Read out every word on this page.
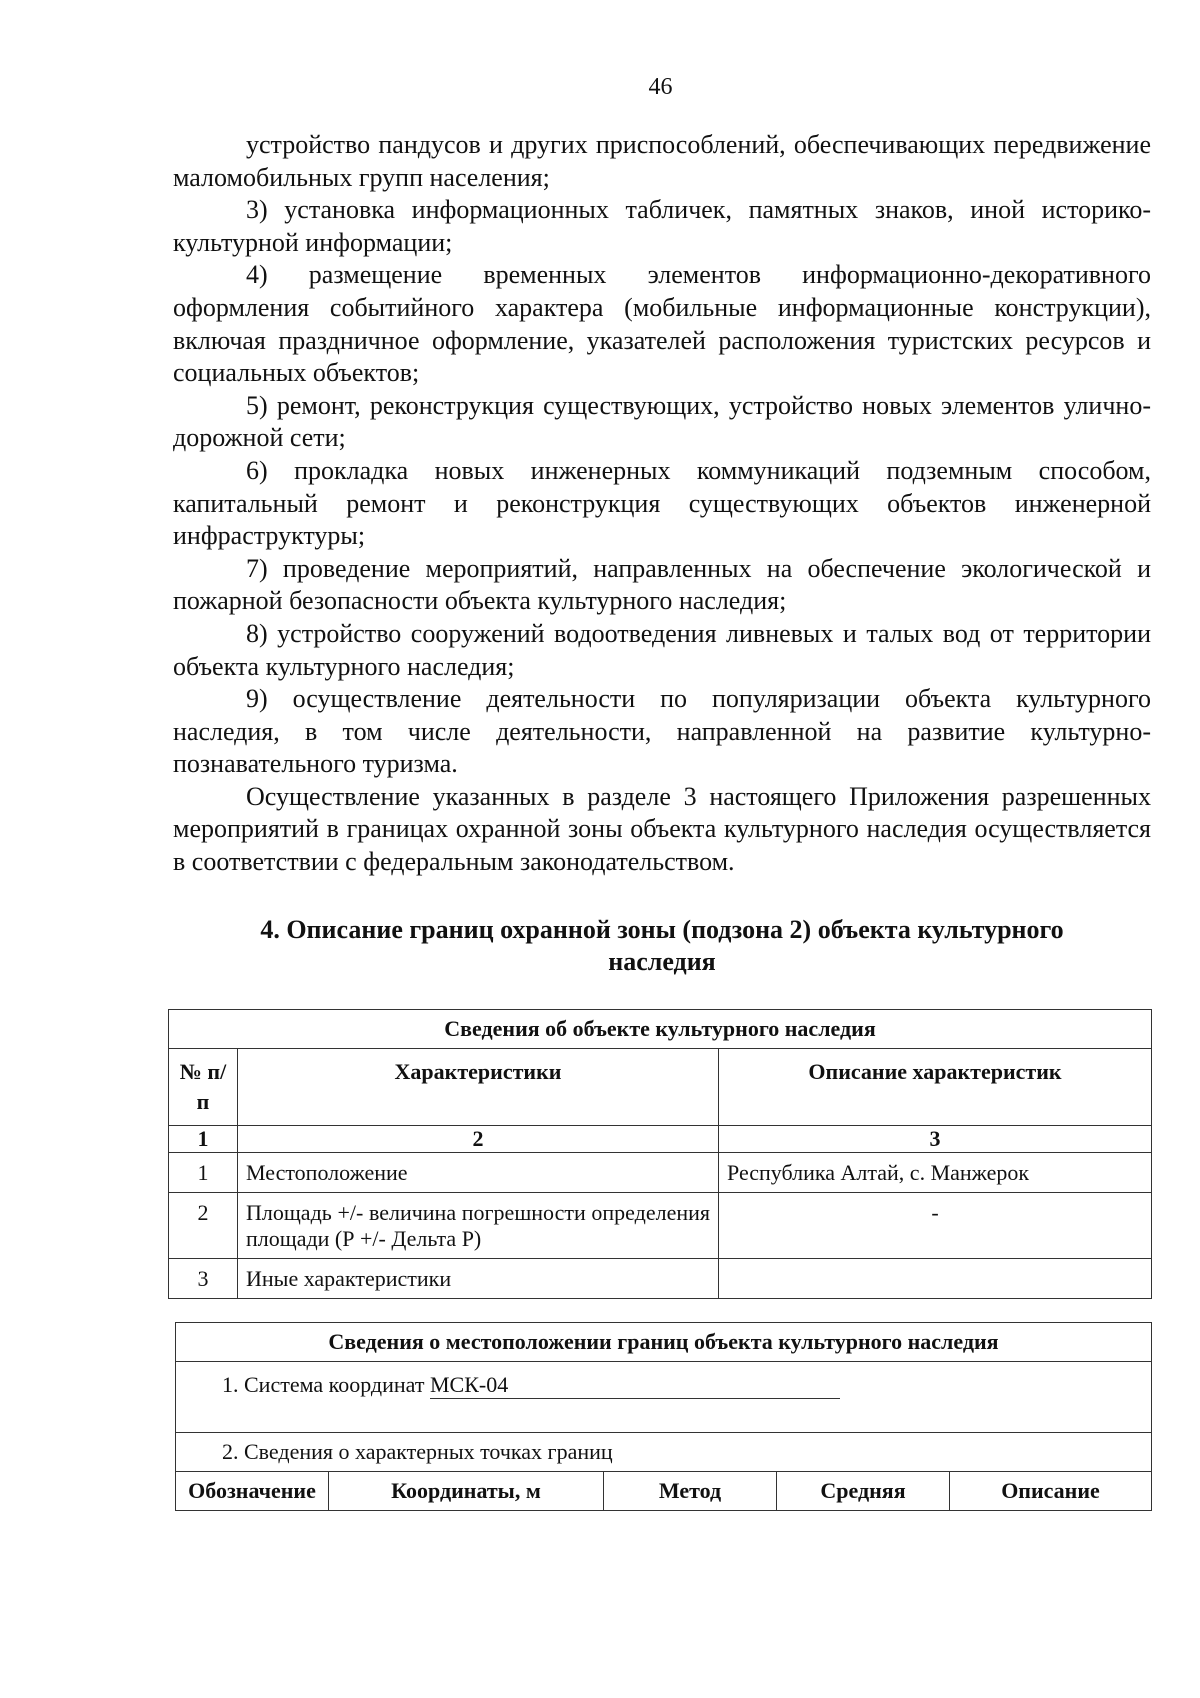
46

устройство пандусов и других приспособлений, обеспечивающих передвижение маломобильных групп населения;

3) установка информационных табличек, памятных знаков, иной историко-культурной информации;

4) размещение временных элементов информационно-декоративного оформления событийного характера (мобильные информационные конструкции), включая праздничное оформление, указателей расположения туристских ресурсов и социальных объектов;

5) ремонт, реконструкция существующих, устройство новых элементов улично-дорожной сети;

6) прокладка новых инженерных коммуникаций подземным способом, капитальный ремонт и реконструкция существующих объектов инженерной инфраструктуры;

7) проведение мероприятий, направленных на обеспечение экологической и пожарной безопасности объекта культурного наследия;

8) устройство сооружений водоотведения ливневых и талых вод от территории объекта культурного наследия;

9) осуществление деятельности по популяризации объекта культурного наследия, в том числе деятельности, направленной на развитие культурно-познавательного туризма.

Осуществление указанных в разделе 3 настоящего Приложения разрешенных мероприятий в границах охранной зоны объекта культурного наследия осуществляется в соответствии с федеральным законодательством.

4. Описание границ охранной зоны (подзона 2) объекта культурного
наследия
Сведения об объекте культурного наследия		
№ п/п	Характеристики	Описание характеристик
1	2	3
1	Местоположение	Республика Алтай, с. Манжерок
2	Площадь +/- величина погрешности определения площади (Р +/- Дельта Р)	-
3	Иные характеристики	
Сведения о местоположении границ объекта культурного наследия
1. Система координат МСК-04
2. Сведения о характерных точках границ
Обозначение	Координаты, м	Метод	Средняя	Описание
